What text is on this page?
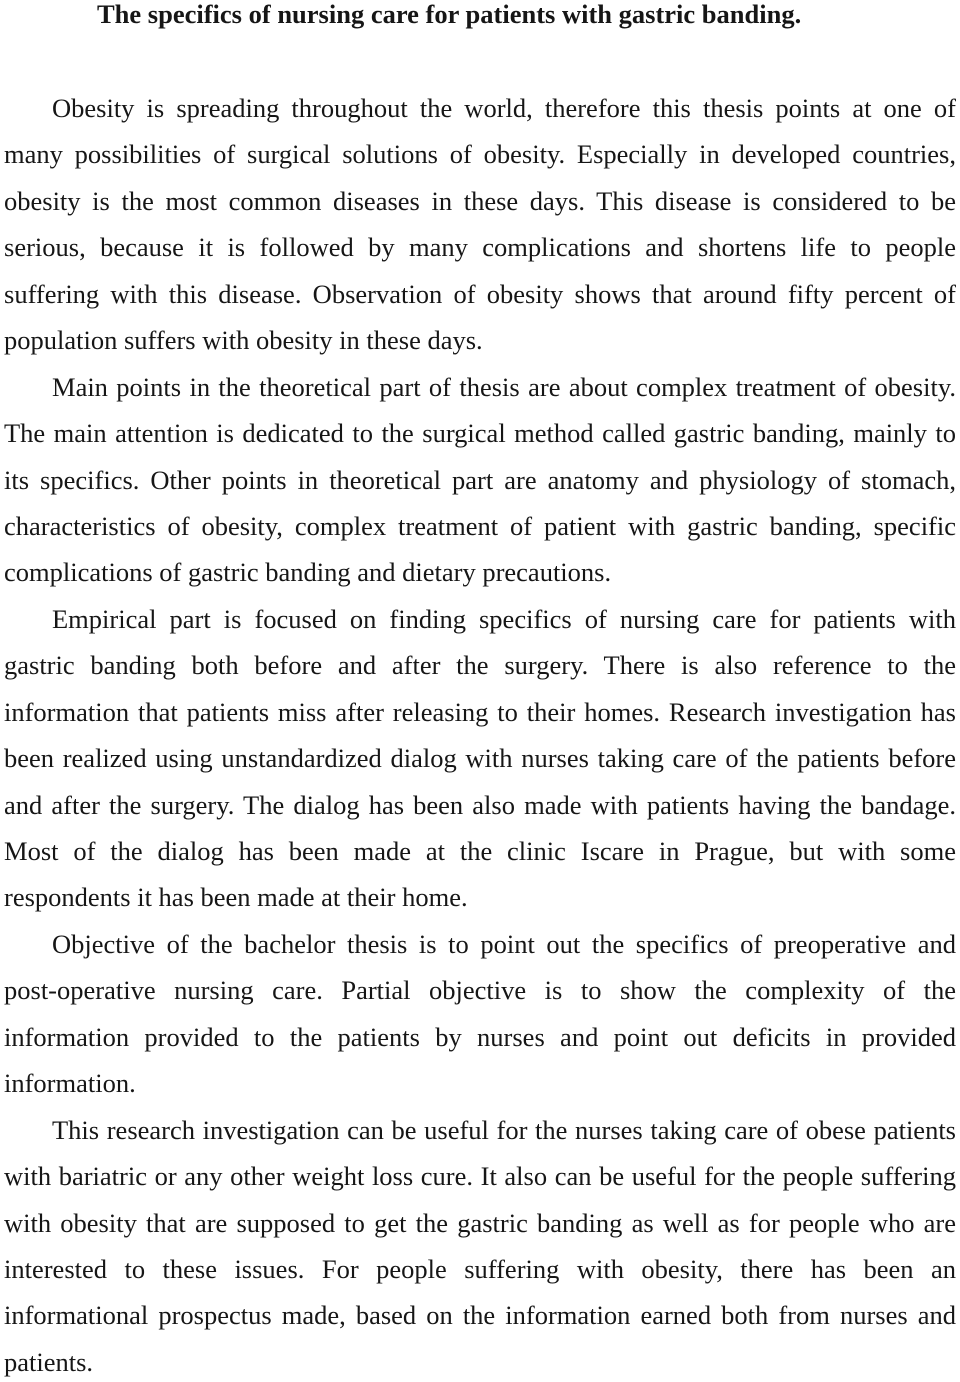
The specifics of nursing care for patients with gastric banding.
Obesity is spreading throughout the world, therefore this thesis points at one of
many possibilities of surgical solutions of obesity. Especially in developed countries,
obesity is the most common diseases in these days. This disease is considered to be
serious, because it is followed by many complications and shortens life to people
suffering with this disease. Observation of obesity shows that around fifty percent of
population suffers with obesity in these days.
Main points in the theoretical part of thesis are about complex treatment of obesity.
The main attention is dedicated to the surgical method called gastric banding, mainly to
its specifics. Other points in theoretical part are anatomy and physiology of stomach,
characteristics of obesity, complex treatment of patient with gastric banding, specific
complications of gastric banding and dietary precautions.
Empirical part is focused on finding specifics of nursing care for patients with
gastric banding both before and after the surgery. There is also reference to the
information that patients miss after releasing to their homes. Research investigation has
been realized using unstandardized dialog with nurses taking care of the patients before
and after the surgery. The dialog has been also made with patients having the bandage.
Most of the dialog has been made at the clinic Iscare in Prague, but with some
respondents it has been made at their home.
Objective of the bachelor thesis is to point out the specifics of preoperative and
post-operative nursing care. Partial objective is to show the complexity of the
information provided to the patients by nurses and point out deficits in provided
information.
This research investigation can be useful for the nurses taking care of obese patients
with bariatric or any other weight loss cure. It also can be useful for the people suffering
with obesity that are supposed to get the gastric banding as well as for people who are
interested to these issues. For people suffering with obesity, there has been an
informational prospectus made, based on the information earned both from nurses and
patients.
